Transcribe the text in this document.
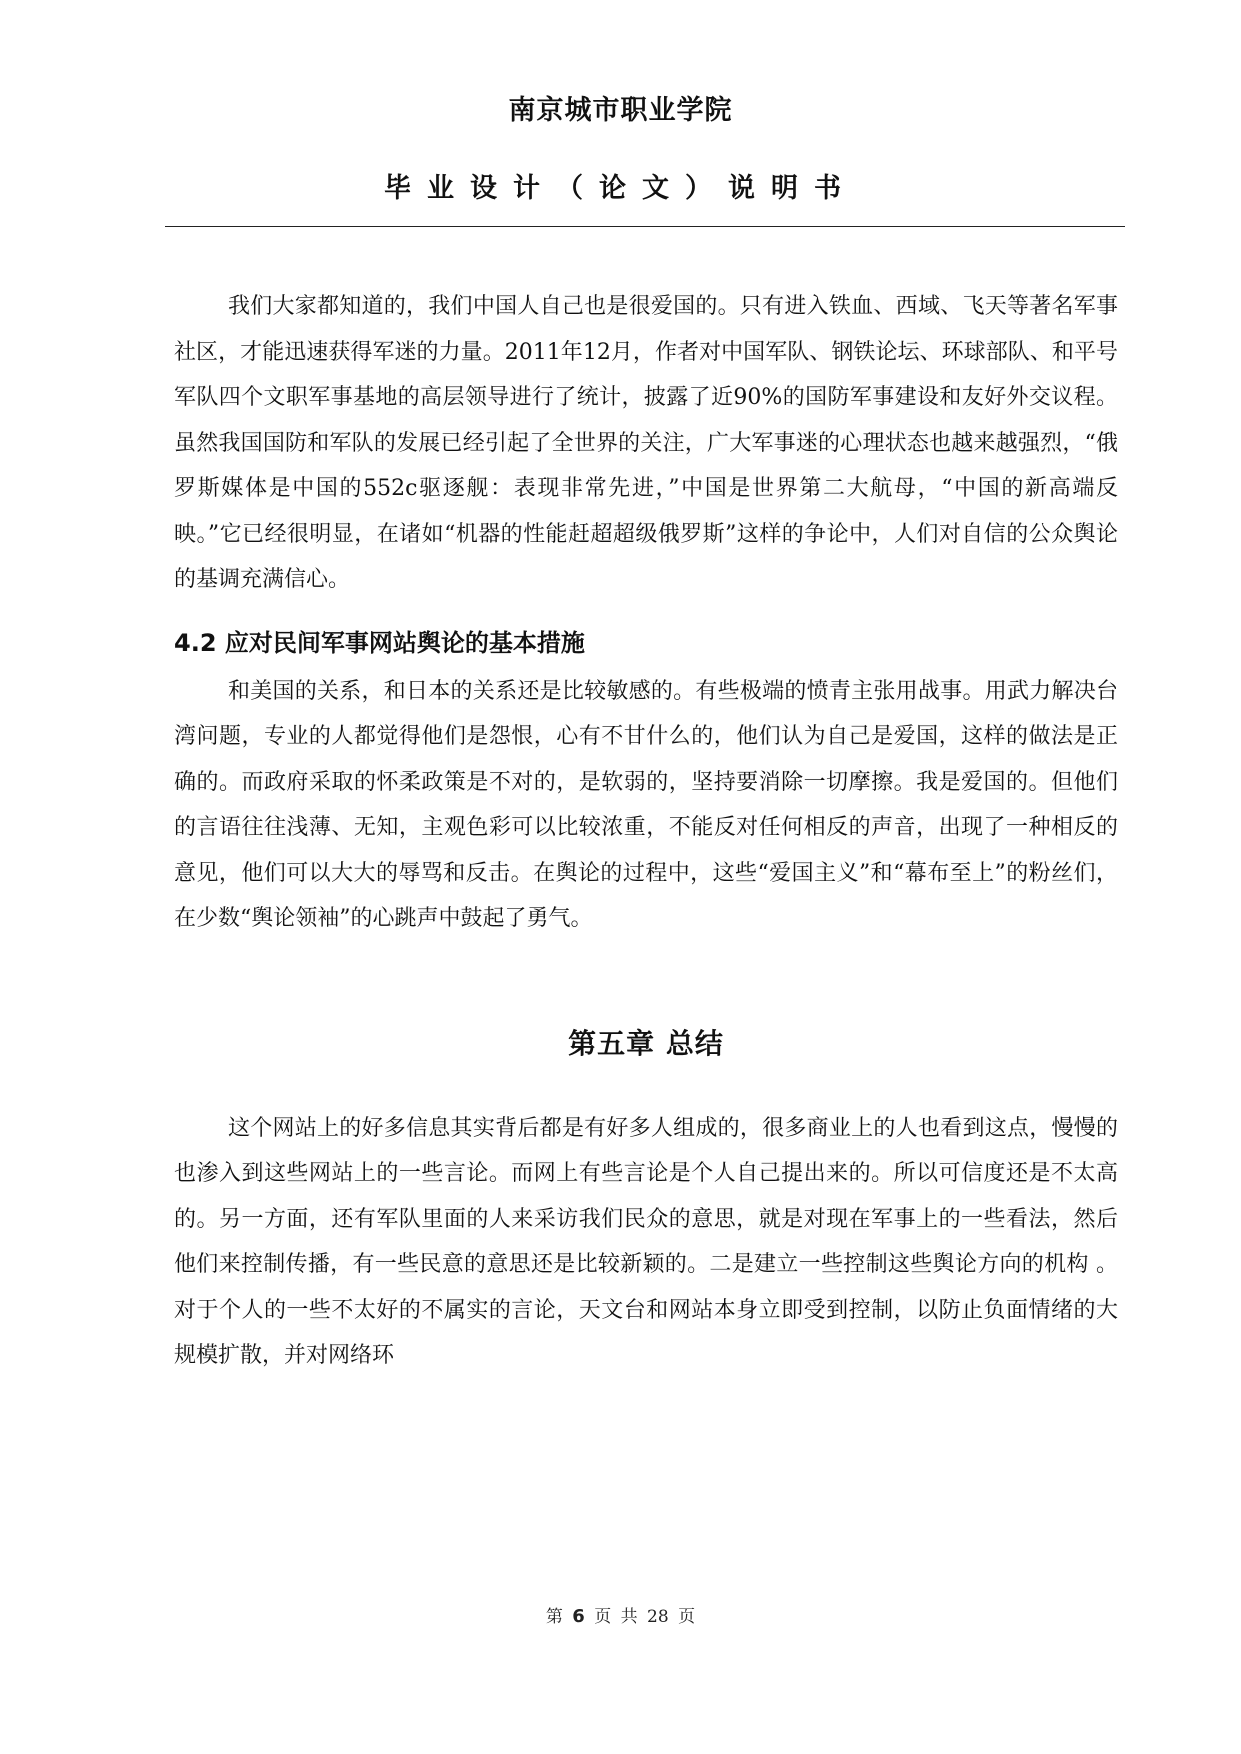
南京城市职业学院
毕业设计（论文）说明书

我们大家都知道的，我们中国人自己也是很爱国的。只有进入铁血、西域、飞天等著名军事社区，才能迅速获得军迷的力量。2011年12月，作者对中国军队、钢铁论坛、环球部队、和平号军队四个文职军事基地的高层领导进行了统计，披露了近90%的国防军事建设和友好外交议程。虽然我国国防和军队的发展已经引起了全世界的关注，广大军事迷的心理状态也越来越强烈，“俄罗斯媒体是中国的552c驱逐舰：表现非常先进，”中国是世界第二大航母，“中国的新高端反映。”它已经很明显，在诸如“机器的性能赶超超级俄罗斯”这样的争论中，人们对自信的公众舆论的基调充满信心。

4.2 应对民间军事网站舆论的基本措施

和美国的关系，和日本的关系还是比较敏感的。有些极端的愤青主张用战事。用武力解决台湾问题，专业的人都觉得他们是怨恨，心有不甘什么的，他们认为自己是爱国，这样的做法是正确的。而政府采取的怀柔政策是不对的，是软弱的，坚持要消除一切摩擦。我是爱国的。但他们的言语往往浅薄、无知，主观色彩可以比较浓重，不能反对任何相反的声音，出现了一种相反的意见，他们可以大大的辱骂和反击。在舆论的过程中，这些“爱国主义”和“幕布至上”的粉丝们，在少数“舆论领袖”的心跳声中鼓起了勇气。

第五章 总结

这个网站上的好多信息其实背后都是有好多人组成的，很多商业上的人也看到这点，慢慢的也渗入到这些网站上的一些言论。而网上有些言论是个人自己提出来的。所以可信度还是不太高的。另一方面，还有军队里面的人来采访我们民众的意思，就是对现在军事上的一些看法，然后他们来控制传播，有一些民意的意思还是比较新颖的。二是建立一些控制这些舆论方向的机构 。对于个人的一些不太好的不属实的言论，天文台和网站本身立即受到控制，以防止负面情绪的大规模扩散，并对网络环

第 6 页 共 28 页
